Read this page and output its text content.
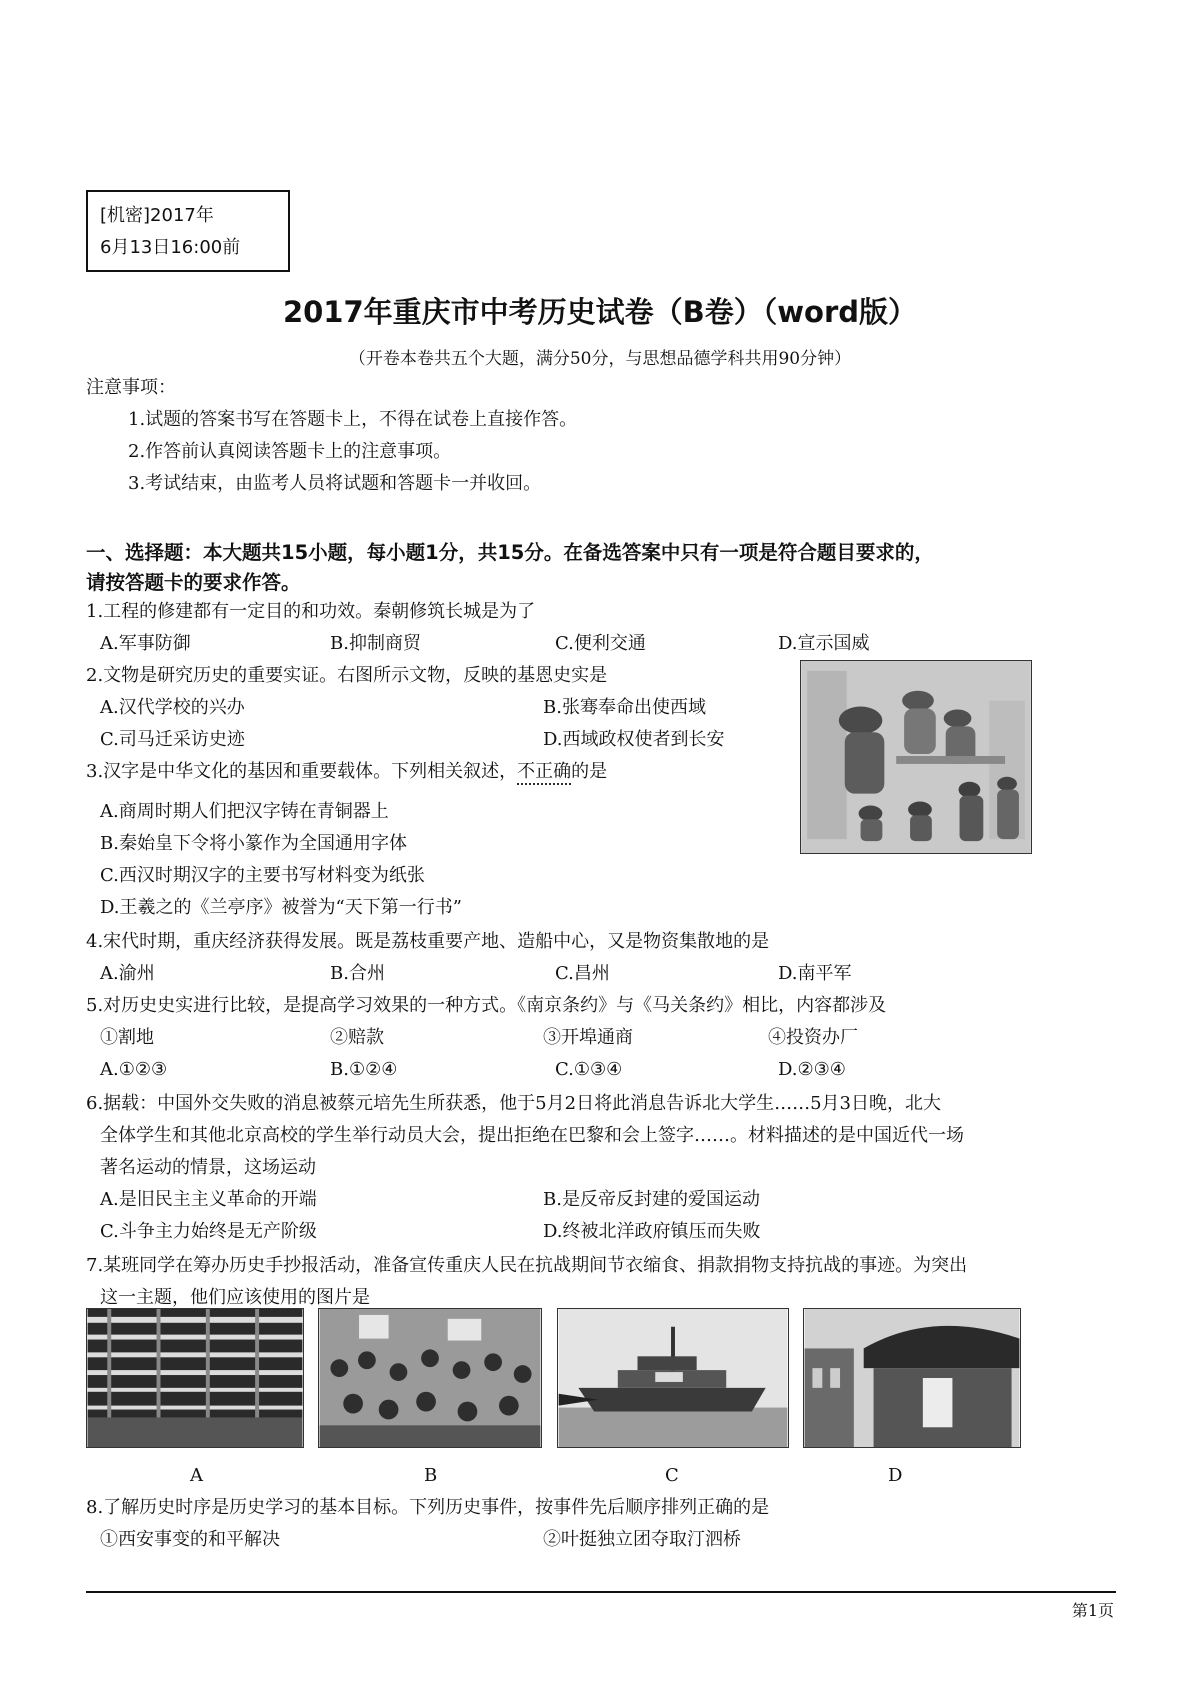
[机密]2017年
6月13日16:00前
2017年重庆市中考历史试卷（B卷）（word版）
（开卷本卷共五个大题，满分50分，与思想品德学科共用90分钟）
注意事项：
1.试题的答案书写在答题卡上，不得在试卷上直接作答。
2.作答前认真阅读答题卡上的注意事项。
3.考试结束，由监考人员将试题和答题卡一并收回。
一、选择题：本大题共15小题，每小题1分，共15分。在备选答案中只有一项是符合题目要求的，
请按答题卡的要求作答。
1.工程的修建都有一定目的和功效。秦朝修筑长城是为了
A.军事防御	B.抑制商贸	C.便利交通	D.宣示国威
2.文物是研究历史的重要实证。右图所示文物，反映的基恩史实是
A.汉代学校的兴办	B.张骞奉命出使西域
C.司马迁采访史迹	D.西域政权使者到长安
3.汉字是中华文化的基因和重要载体。下列相关叙述，不正确的是
A.商周时期人们把汉字铸在青铜器上
B.秦始皇下令将小篆作为全国通用字体
C.西汉时期汉字的主要书写材料变为纸张
D.王羲之的《兰亭序》被誉为“天下第一行书”
4.宋代时期，重庆经济获得发展。既是荔枝重要产地、造船中心，又是物资集散地的是
A.渝州	B.合州	C.昌州	D.南平军
5.对历史史实进行比较，是提高学习效果的一种方式。《南京条约》与《马关条约》相比，内容都涉及
①割地	②赔款	③开埠通商	④投资办厂
A.①②③	B.①②④	C.①③④	D.②③④
6.据载：中国外交失败的消息被蔡元培先生所获悉，他于5月2日将此消息告诉北大学生……5月3日晚，北大
全体学生和其他北京高校的学生举行动员大会，提出拒绝在巴黎和会上签字……。材料描述的是中国近代一场
著名运动的情景，这场运动
A.是旧民主主义革命的开端	B.是反帝反封建的爱国运动
C.斗争主力始终是无产阶级	D.终被北洋政府镇压而失败
7.某班同学在筹办历史手抄报活动，准备宣传重庆人民在抗战期间节衣缩食、捐款捐物支持抗战的事迹。为突出
这一主题，他们应该使用的图片是
A	B	C	D
8.了解历史时序是历史学习的基本目标。下列历史事件，按事件先后顺序排列正确的是
①西安事变的和平解决	②叶挺独立团夺取汀泗桥
第1页
